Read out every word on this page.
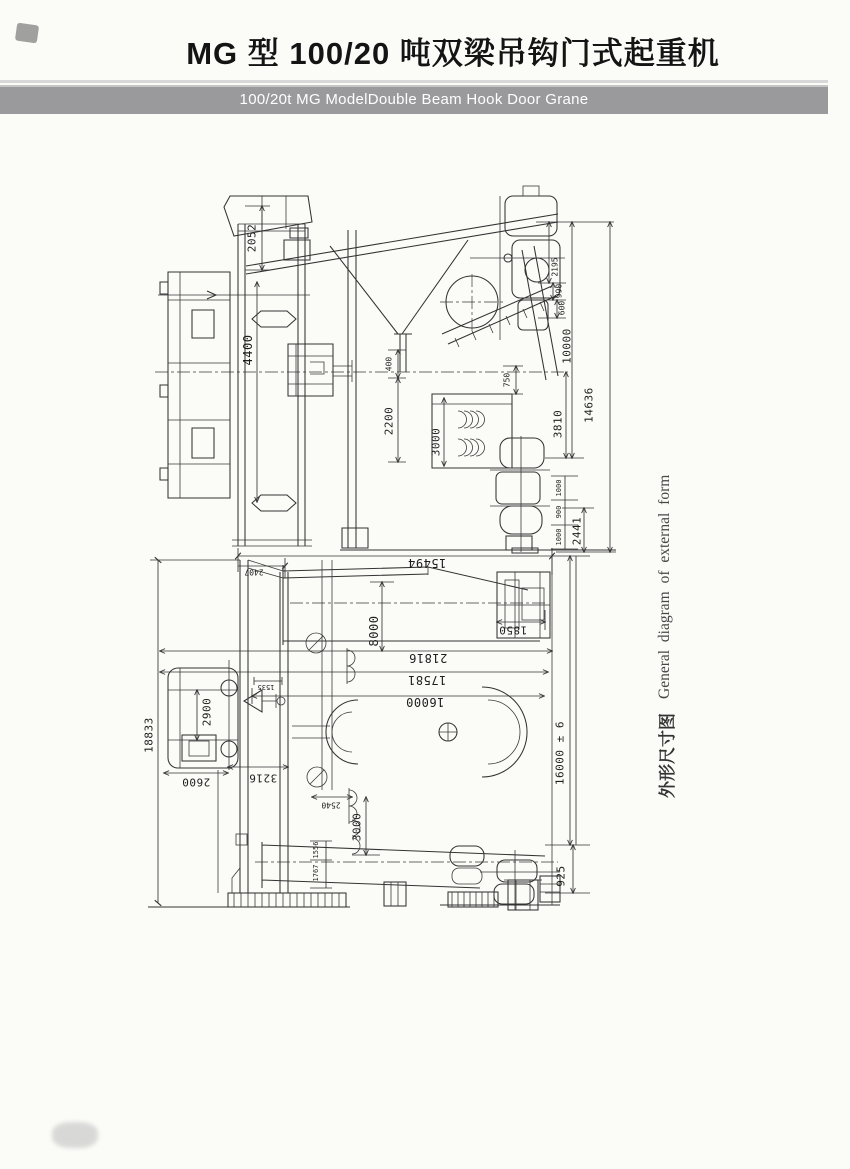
MG 型 100/20 吨双梁吊钩门式起重机
100/20t MG ModelDouble Beam Hook Door Grane
2052
4400	400
2200
3000
750
2195
990
600
10000
3810
14636
1000
900
1000 2441
15494
2407
8000
21816
17581
16000
1850
2900
1535
2600	3216
2540
3000
1556
1767
16000 ± 6
925
18833	外形尺寸图
General diagram of external form
